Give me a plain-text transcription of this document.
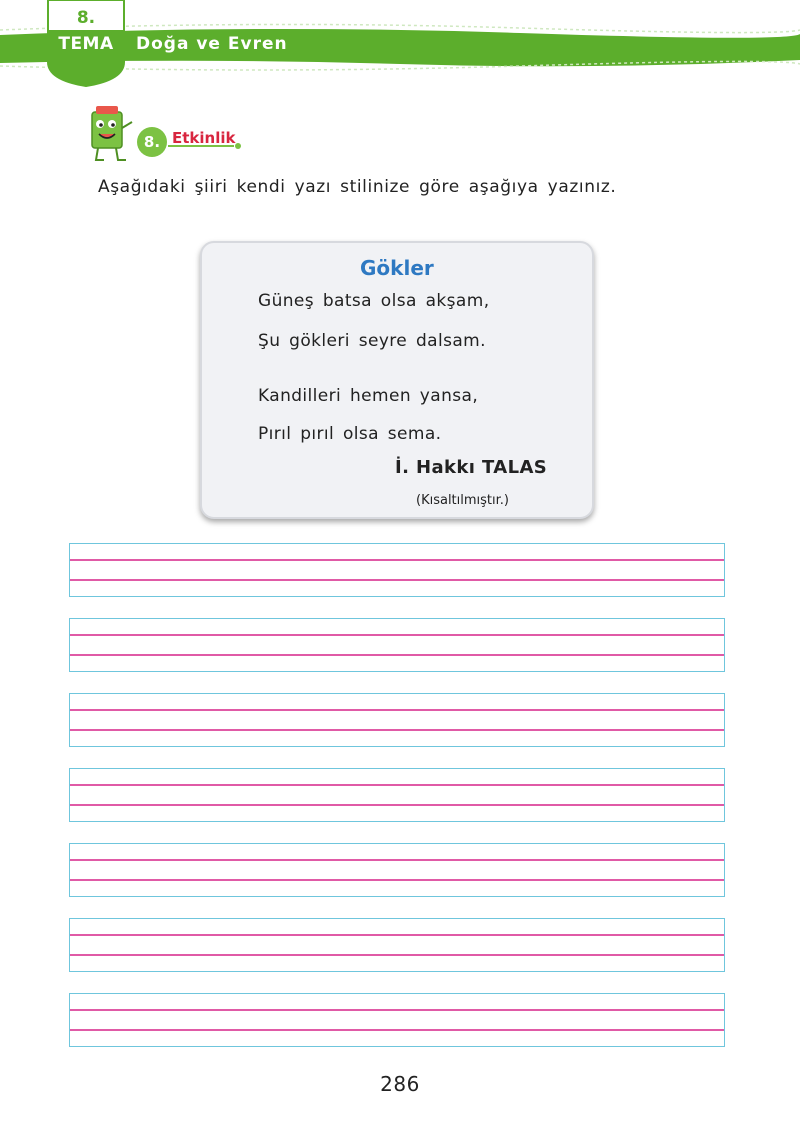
8.
TEMA Doğa ve Evren
8. Etkinlik
Aşağıdaki şiiri kendi yazı stilinize göre aşağıya yazınız.
Gökler
Güneş batsa olsa akşam,
Şu gökleri seyre dalsam.
Kandilleri hemen yansa,
Pırıl pırıl olsa sema.
İ. Hakkı TALAS
(Kısaltılmıştır.)
286
